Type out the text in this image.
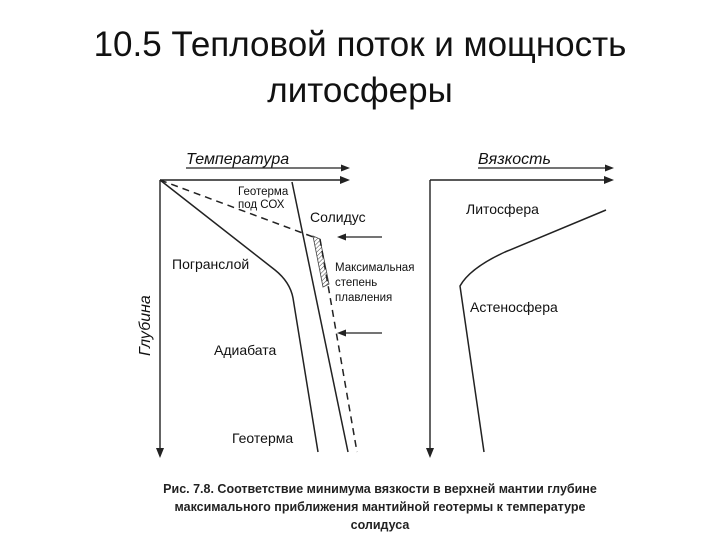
10.5 Тепловой поток и мощность
литосферы
Температура
Глубина
Геотерма
под СОХ
Солидус
Погранслой	Максимальная
степень
плавления
Адиабата
Геотерма
Вязкость
Литосфера
Астеносфера
Рис. 7.8. Соответствие минимума вязкости в верхней мантии глубине
максимального приближения мантийной геотермы к температуре
солидуса
